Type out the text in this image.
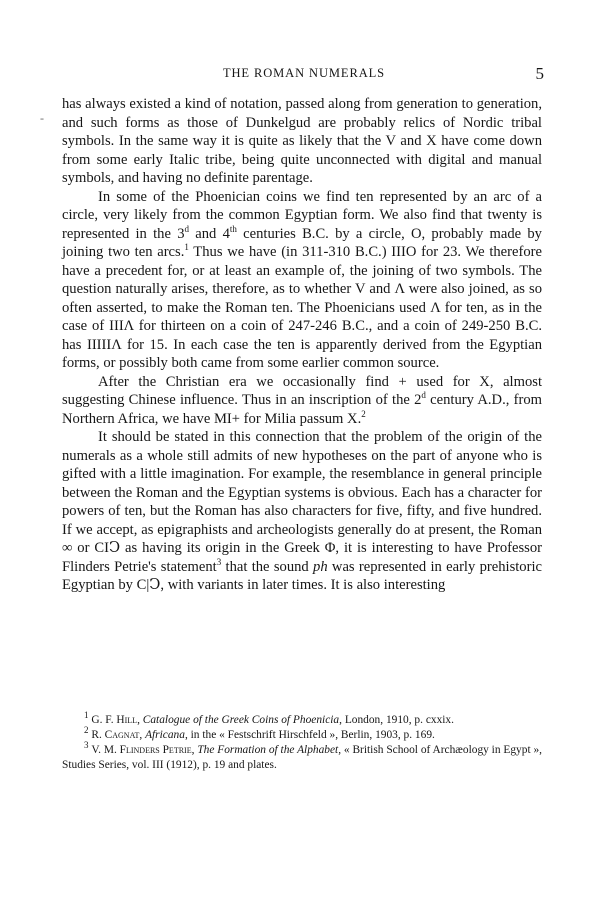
THE ROMAN NUMERALS	5
-

has always existed a kind of notation, passed along from generation to generation, and such forms as those of Dunkelgud are probably relics of Nordic tribal symbols. In the same way it is quite as likely that the V and X have come down from some early Italic tribe, being quite unconnected with digital and manual symbols, and having no definite parentage.

In some of the Phoenician coins we find ten represented by an arc of a circle, very likely from the common Egyptian form. We also find that twenty is represented in the 3$^d$ and 4th centuries B.C. by a circle, O, probably made by joining two ten arcs.$^1$ Thus we have (in 311-310 B.C.) IIIO for 23. We therefore have a precedent for, or at least an example of, the joining of two symbols. The question naturally arises, therefore, as to whether V and Λ were also joined, as so often asserted, to make the Roman ten. The Phoenicians used Λ for ten, as in the case of IIIΛ for thirteen on a coin of 247-246 B.C., and a coin of 249-250 B.C. has IIIIIΛ for 15. In each case the ten is apparently derived from the Egyptian forms, or possibly both came from some earlier common source.

After the Christian era we occasionally find + used for X, almost suggesting Chinese influence. Thus in an inscription of the 2$^d$ century A.D., from Northern Africa, we have MI+ for Milia passum X.$^2$

It should be stated in this connection that the problem of the origin of the numerals as a whole still admits of new hypotheses on the part of anyone who is gifted with a little imagination. For example, the resemblance in general principle between the Roman and the Egyptian systems is obvious. Each has a character for powers of ten, but the Roman has also characters for five, fifty, and five hundred. If we accept, as epigraphists and archeologists generally do at present, the Roman ∞ or CIↃ as having its origin in the Greek Φ, it is interesting to have Professor Flinders Petrie's statement$^3$ that the sound ph was represented in early prehistoric Egyptian by C|Ↄ, with variants in later times. It is also interesting

$^1$ G. F. Hill, Catalogue of the Greek Coins of Phoenicia, London, 1910, p. cxxix.

$^2$ R. Cagnat, Africana, in the « Festschrift Hirschfeld », Berlin, 1903, p. 169.

$^3$ V. M. Flinders Petrie, The Formation of the Alphabet, « British School of Archæology in Egypt », Studies Series, vol. III (1912), p. 19 and plates.
